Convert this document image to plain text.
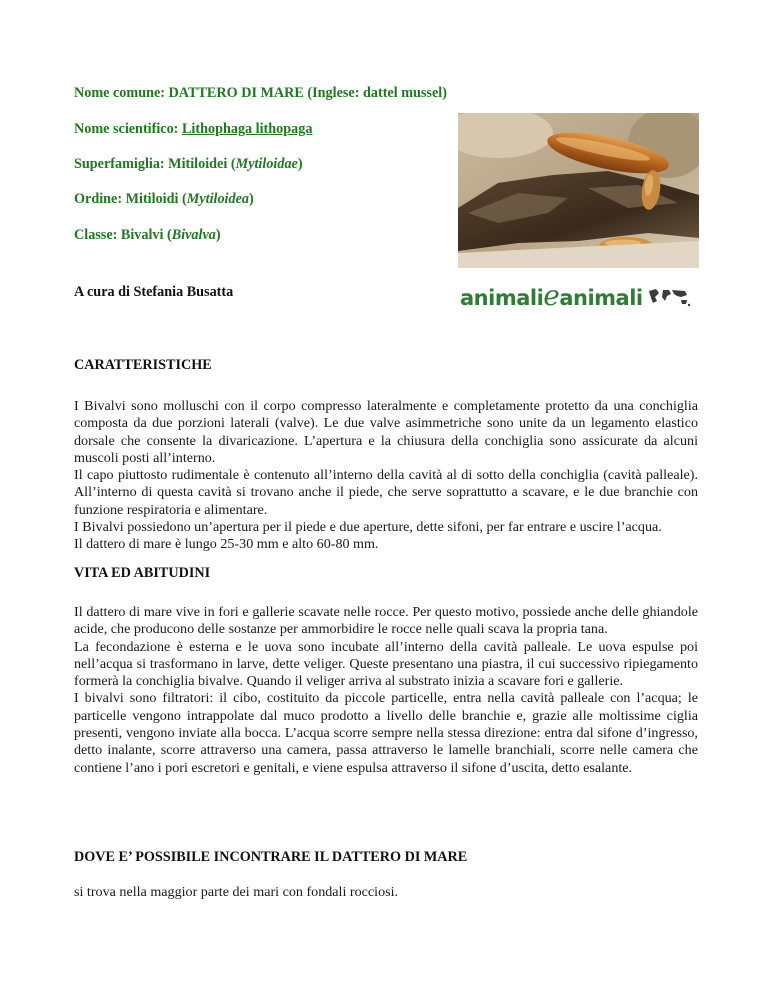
Nome comune: DATTERO DI MARE (Inglese: dattel mussel)
Nome scientifico: Lithophaga lithopaga
Superfamiglia: Mitiloidei (Mytiloidae)
Ordine: Mitiloidi (Mytiloidea)
Classe: Bivalvi (Bivalva)
A cura di Stefania Busatta	animalieanimali
CARATTERISTICHE
I Bivalvi sono molluschi con il corpo compresso lateralmente e completamente protetto da una conchiglia composta da due porzioni laterali (valve). Le due valve asimmetriche sono unite da un legamento elastico dorsale che consente la divaricazione. L’apertura e la chiusura della conchiglia sono assicurate da alcuni muscoli posti all’interno.
Il capo piuttosto rudimentale è contenuto all’interno della cavità al di sotto della conchiglia (cavità palleale). All’interno di questa cavità si trovano anche il piede, che serve soprattutto a scavare, e le due branchie con funzione respiratoria e alimentare.
I Bivalvi possiedono un’apertura per il piede e due aperture, dette sifoni, per far entrare e uscire l’acqua.
Il dattero di mare è lungo 25-30 mm e alto 60-80 mm.
VITA ED ABITUDINI
Il dattero di mare vive in fori e gallerie scavate nelle rocce. Per questo motivo, possiede anche delle ghiandole acide, che producono delle sostanze per ammorbidire le rocce nelle quali scava la propria tana.
La fecondazione è esterna e le uova sono incubate all’interno della cavità palleale. Le uova espulse poi nell’acqua si trasformano in larve, dette veliger. Queste presentano una piastra, il cui successivo ripiegamento formerà la conchiglia bivalve. Quando il veliger arriva al substrato inizia a scavare fori e gallerie.
I bivalvi sono filtratori: il cibo, costituito da piccole particelle, entra nella cavità palleale con l’acqua; le particelle vengono intrappolate dal muco prodotto a livello delle branchie e, grazie alle moltissime ciglia presenti, vengono inviate alla bocca. L’acqua scorre sempre nella stessa direzione: entra dal sifone d’ingresso, detto inalante, scorre attraverso una camera, passa attraverso le lamelle branchiali, scorre nelle camera che contiene l’ano i pori escretori e genitali, e viene espulsa attraverso il sifone d’uscita, detto esalante.
DOVE E’ POSSIBILE INCONTRARE IL DATTERO DI MARE
si trova nella maggior parte dei mari con fondali rocciosi.
